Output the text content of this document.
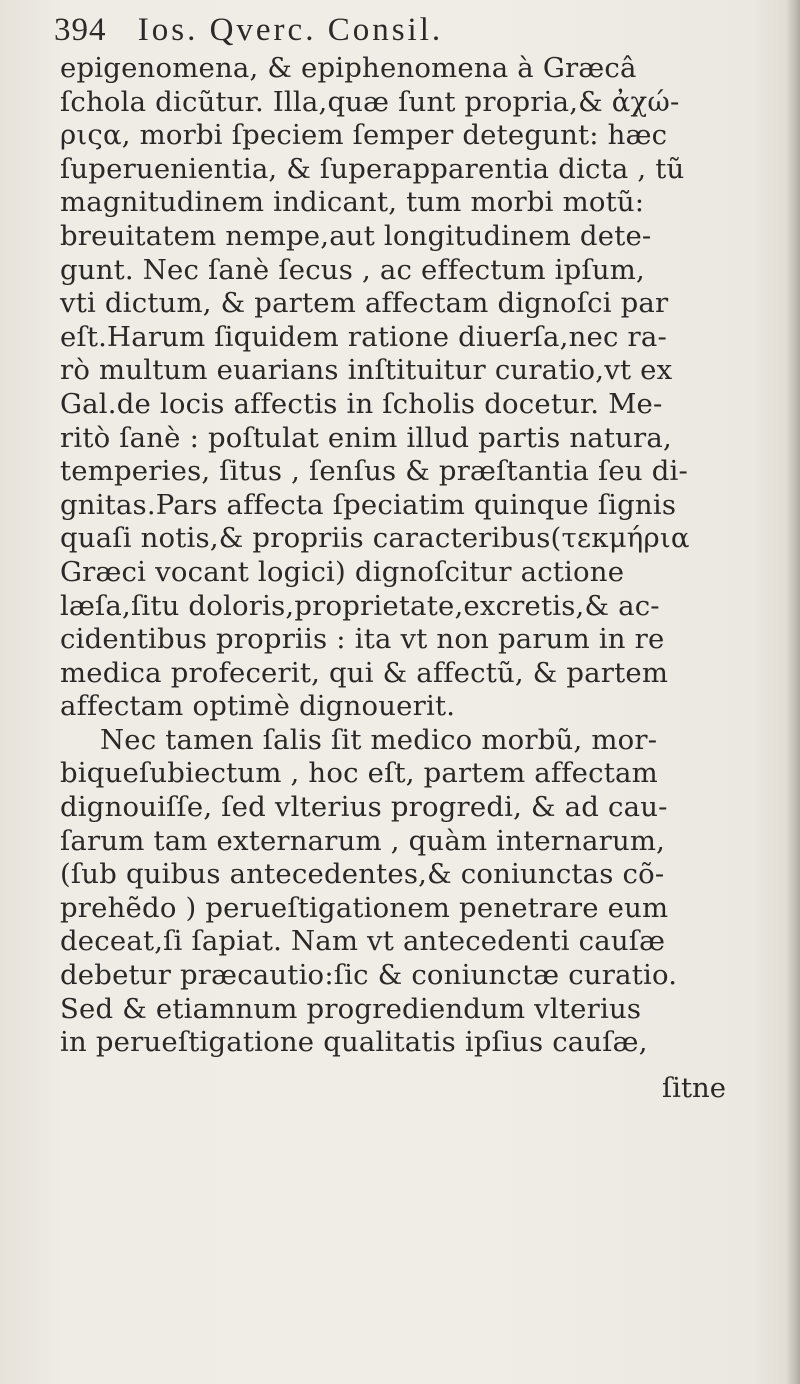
394 Ios. Qverc. Consil.
epigenomena, & epiphenomena à Græcâ
ſchola dicũtur. Illa,quæ ſunt propria,& ἀχώ-
ριςα, morbi ſpeciem ſemper detegunt: hæc
ſuperuenientia, & ſuperapparentia dicta , tũ
magnitudinem indicant, tum morbi motũ:
breuitatem nempe,aut longitudinem dete-
gunt. Nec ſanè ſecus , ac effectum ipſum,
vti dictum, & partem affectam dignoſci par
eſt.Harum ſiquidem ratione diuerſa,nec ra-
rò multum euarians inſtituitur curatio,vt ex
Gal.de locis affectis in ſcholis docetur. Me-
ritò ſanè : poſtulat enim illud partis natura,
temperies, ſitus , ſenſus & præſtantia ſeu di-
gnitas.Pars affecta ſpeciatim quinque ſignis
quaſi notis,& propriis caracteribus(τεκμήρια
Græci vocant logici) dignoſcitur actione
læſa,ſitu doloris,proprietate,excretis,& ac-
cidentibus propriis : ita vt non parum in re
medica profecerit, qui & affectũ, & partem
affectam optimè dignouerit.
Nec tamen ſalis ſit medico morbũ, mor-
biqueſubiectum , hoc eſt, partem affectam
dignouiſſe, ſed vlterius progredi, & ad cau-
ſarum tam externarum , quàm internarum,
(ſub quibus antecedentes,& coniunctas cõ-
prehẽdo ) perueſtigationem penetrare eum
deceat,ſi ſapiat. Nam vt antecedenti cauſæ
debetur præcautio:ſic & coniunctæ curatio.
Sed & etiamnum progrediendum vlterius
in perueſtigatione qualitatis ipſius cauſæ,
ſitne
